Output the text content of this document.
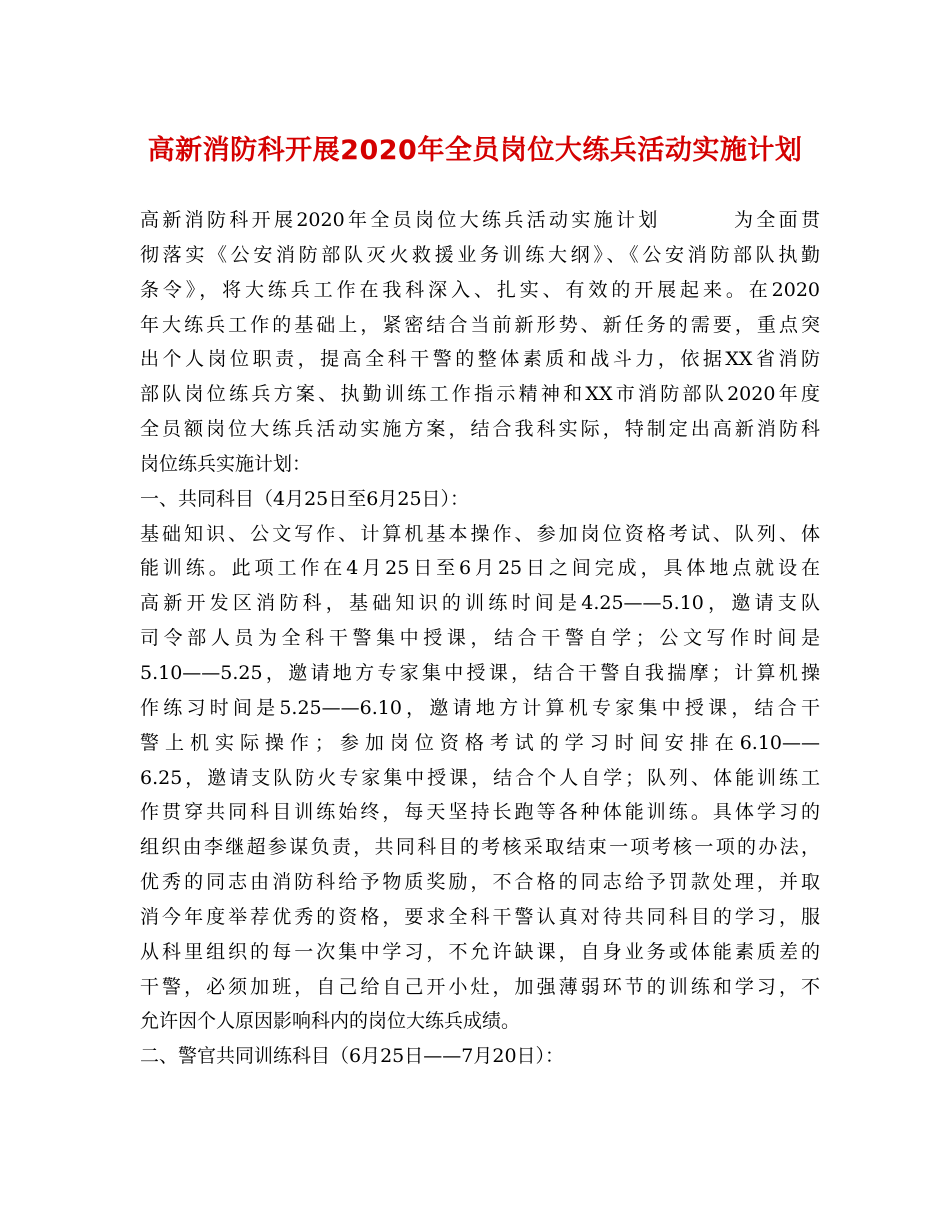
高新消防科开展2020年全员岗位大练兵活动实施计划
高新消防科开展2020年全员岗位大练兵活动实施计划	为全面贯
彻落实《公安消防部队灭火救援业务训练大纲》、《公安消防部队执勤
条令》，将大练兵工作在我科深入、扎实、有效的开展起来。在2020
年大练兵工作的基础上，紧密结合当前新形势、新任务的需要，重点突
出个人岗位职责，提高全科干警的整体素质和战斗力，依据XX省消防
部队岗位练兵方案、执勤训练工作指示精神和XX市消防部队2020年度
全员额岗位大练兵活动实施方案，结合我科实际，特制定出高新消防科
岗位练兵实施计划：
一、共同科目（4月25日至6月25日）：
基础知识、公文写作、计算机基本操作、参加岗位资格考试、队列、体
能训练。此项工作在4月25日至6月25日之间完成，具体地点就设在
高新开发区消防科，基础知识的训练时间是4.25——5.10，邀请支队
司令部人员为全科干警集中授课，结合干警自学；公文写作时间是
5.10——5.25，邀请地方专家集中授课，结合干警自我揣摩；计算机操
作练习时间是5.25——6.10，邀请地方计算机专家集中授课，结合干
警上机实际操作；参加岗位资格考试的学习时间安排在6.10——
6.25，邀请支队防火专家集中授课，结合个人自学；队列、体能训练工
作贯穿共同科目训练始终，每天坚持长跑等各种体能训练。具体学习的
组织由李继超参谋负责，共同科目的考核采取结束一项考核一项的办法，
优秀的同志由消防科给予物质奖励，不合格的同志给予罚款处理，并取
消今年度举荐优秀的资格，要求全科干警认真对待共同科目的学习，服
从科里组织的每一次集中学习，不允许缺课，自身业务或体能素质差的
干警，必须加班，自己给自己开小灶，加强薄弱环节的训练和学习，不
允许因个人原因影响科内的岗位大练兵成绩。
二、警官共同训练科目（6月25日——7月20日）：
